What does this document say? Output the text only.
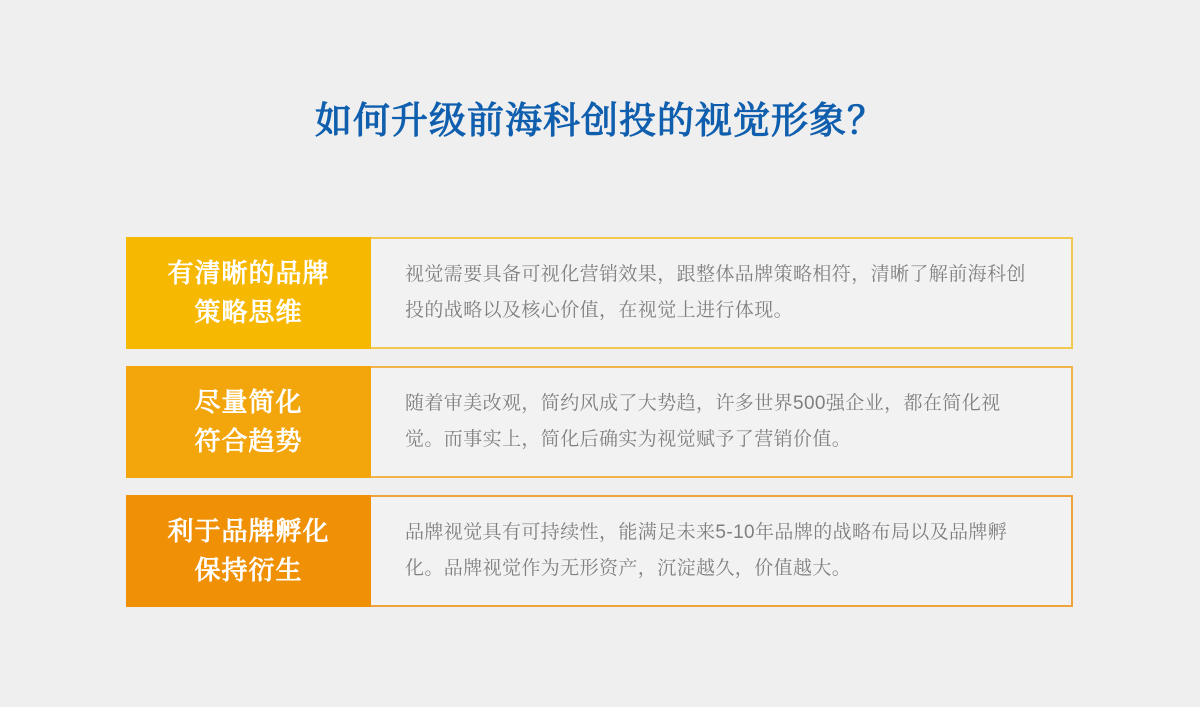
如何升级前海科创投的视觉形象？
有清晰的品牌
策略思维
视觉需要具备可视化营销效果，跟整体品牌策略相符，清晰了解前海科创投的战略以及核心价值，在视觉上进行体现。
尽量简化
符合趋势
随着审美改观，简约风成了大势趋，许多世界500强企业，都在简化视觉。而事实上，简化后确实为视觉赋予了营销价值。
利于品牌孵化
保持衍生
品牌视觉具有可持续性，能满足未来5-10年品牌的战略布局以及品牌孵化。品牌视觉作为无形资产，沉淀越久，价值越大。
